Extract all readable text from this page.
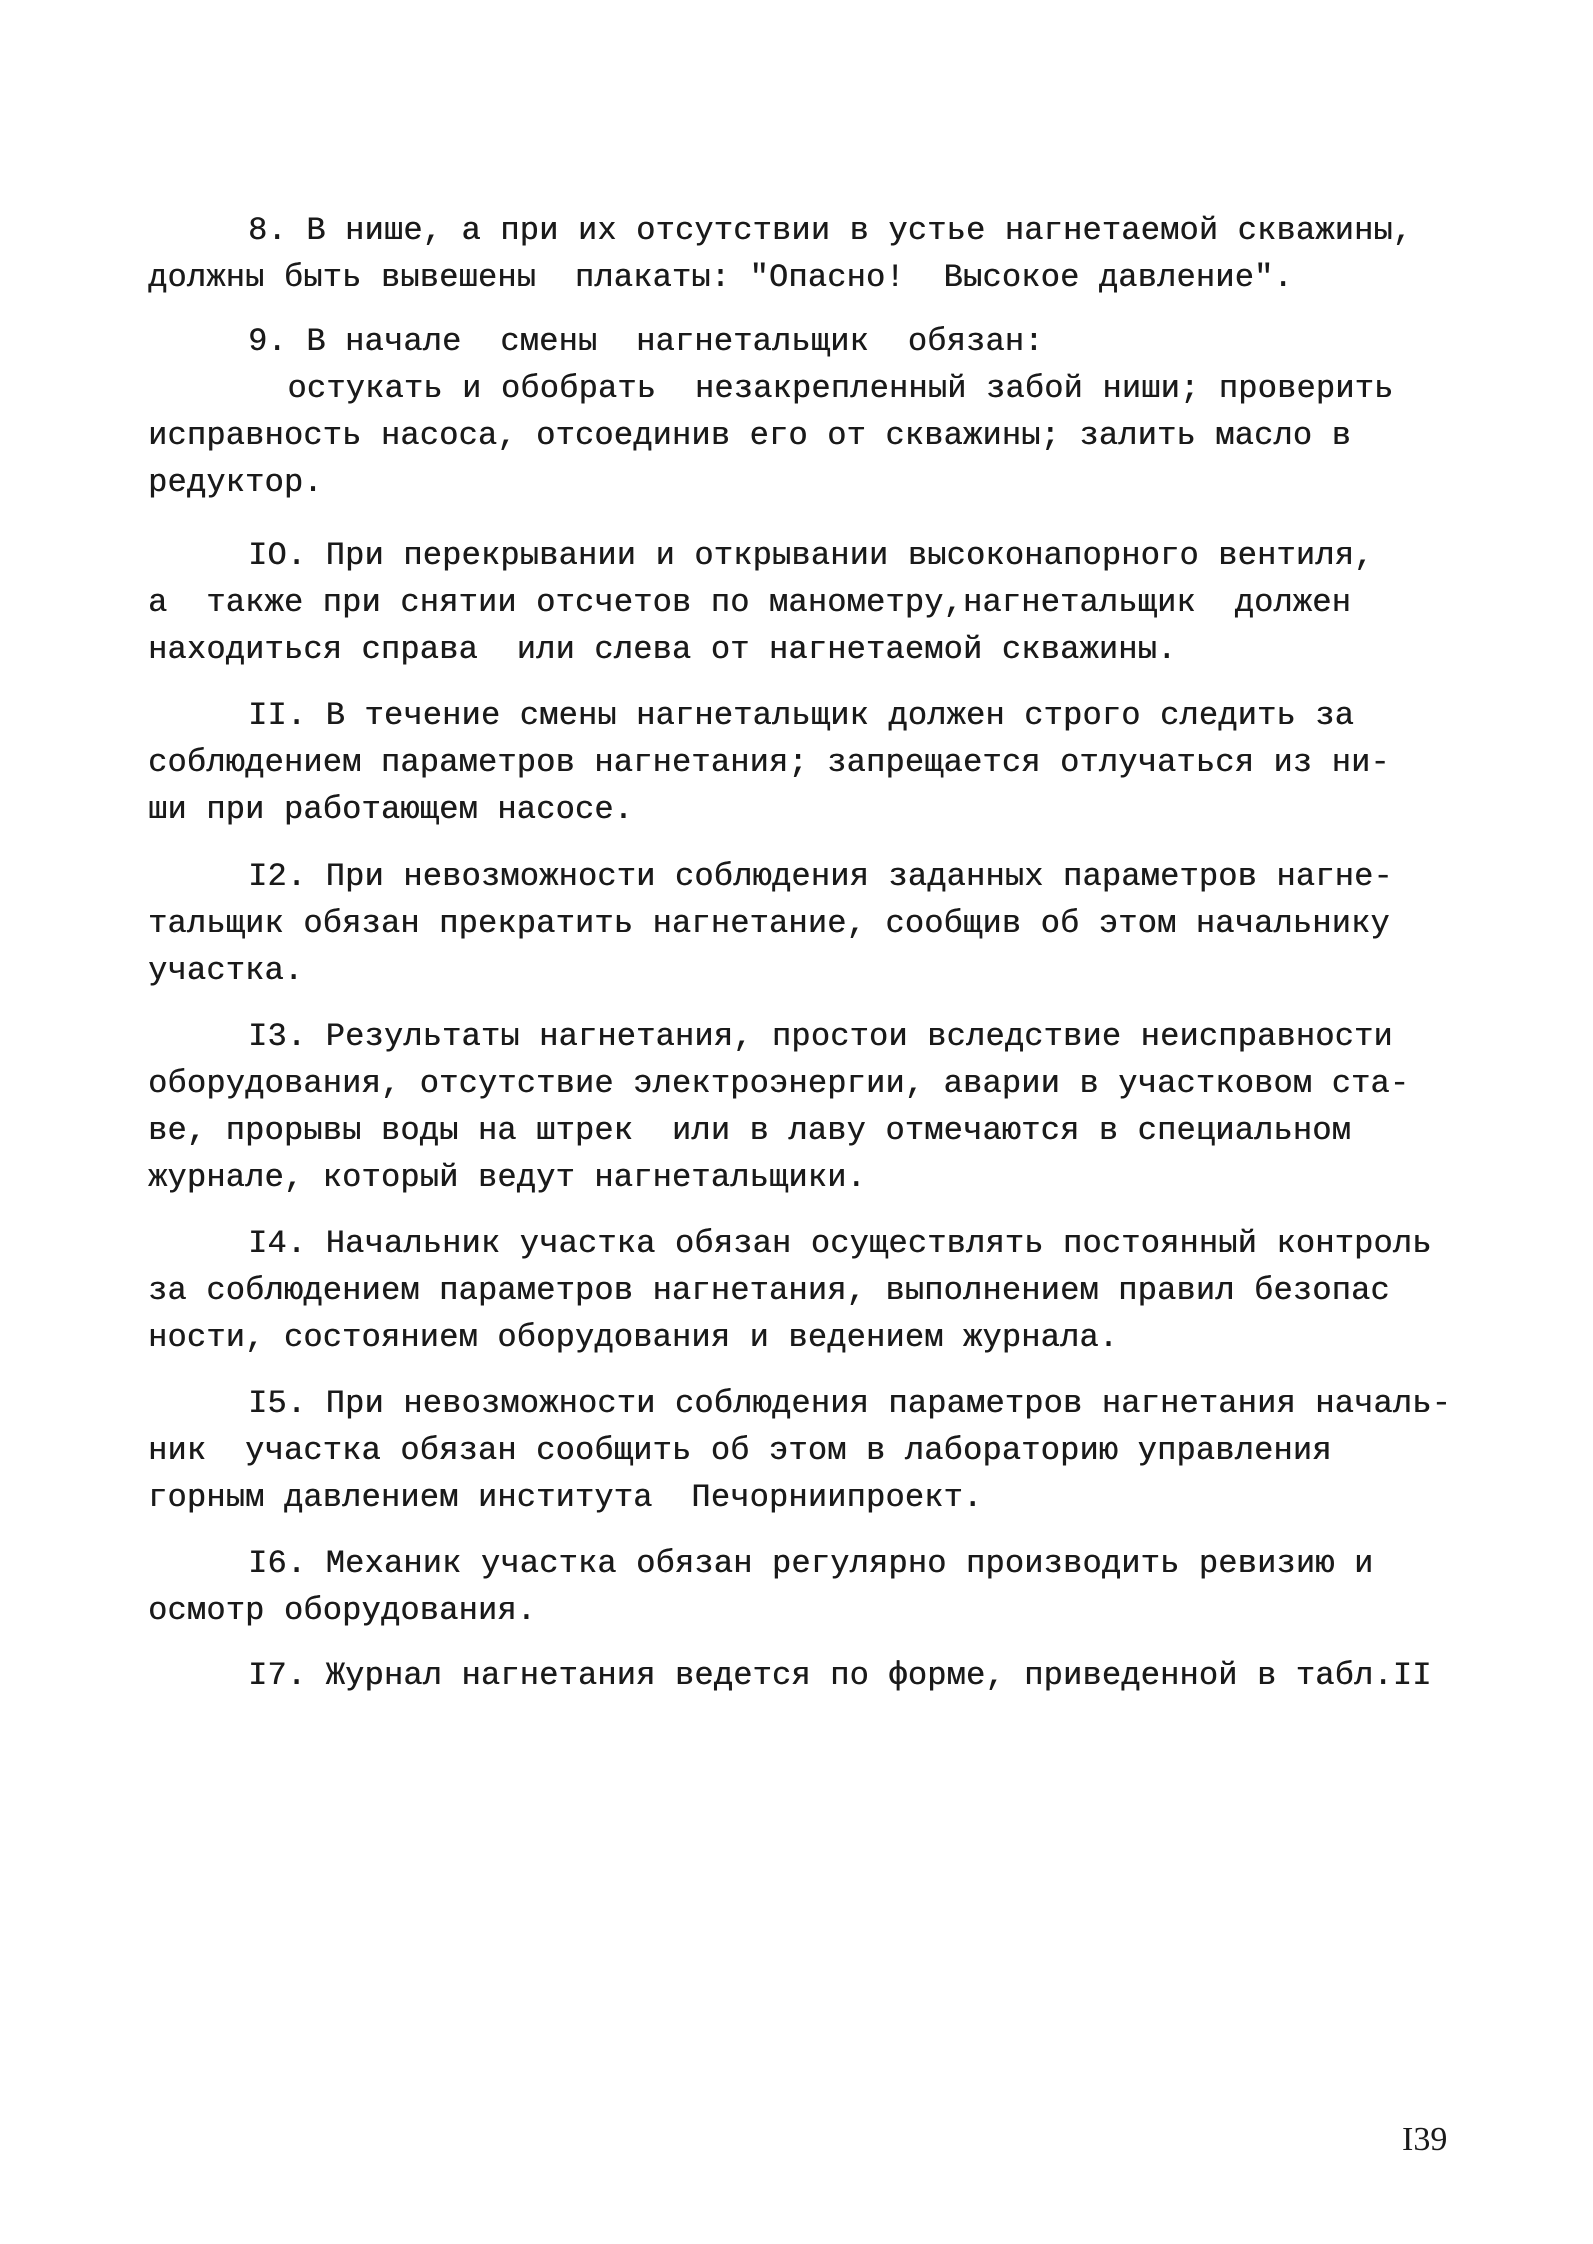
8. В нише, а при их отсутствии в устье нагнетаемой скважины,
должны быть вывешены  плакаты: "Опасно!  Высокое давление".
9. В начале  смены  нагнетальщик  обязан:
остукать и обобрать  незакрепленный забой ниши; проверить
исправность насоса, отсоединив его от скважины; залить масло в
редуктор.
IO. При перекрывании и открывании высоконапорного вентиля,
а  также при снятии отсчетов по манометру,нагнетальщик  должен
находиться справа  или слева от нагнетаемой скважины.
II. В течение смены нагнетальщик должен строго следить за
соблюдением параметров нагнетания; запрещается отлучаться из ни-
ши при работающем насосе.
I2. При невозможности соблюдения заданных параметров нагне-
тальщик обязан прекратить нагнетание, сообщив об этом начальнику
участка.
I3. Результаты нагнетания, простои вследствие неисправности
оборудования, отсутствие электроэнергии, аварии в участковом ста-
ве, прорывы воды на штрек  или в лаву отмечаются в специальном
журнале, который ведут нагнетальщики.
I4. Начальник участка обязан осуществлять постоянный контроль
за соблюдением параметров нагнетания, выполнением правил безопас
ности, состоянием оборудования и ведением журнала.
I5. При невозможности соблюдения параметров нагнетания началь-
ник  участка обязан сообщить об этом в лабораторию управления
горным давлением института  Печорниипроект.
I6. Механик участка обязан регулярно производить ревизию и
осмотр оборудования.
I7. Журнал нагнетания ведется по форме, приведенной в табл.II
I39
